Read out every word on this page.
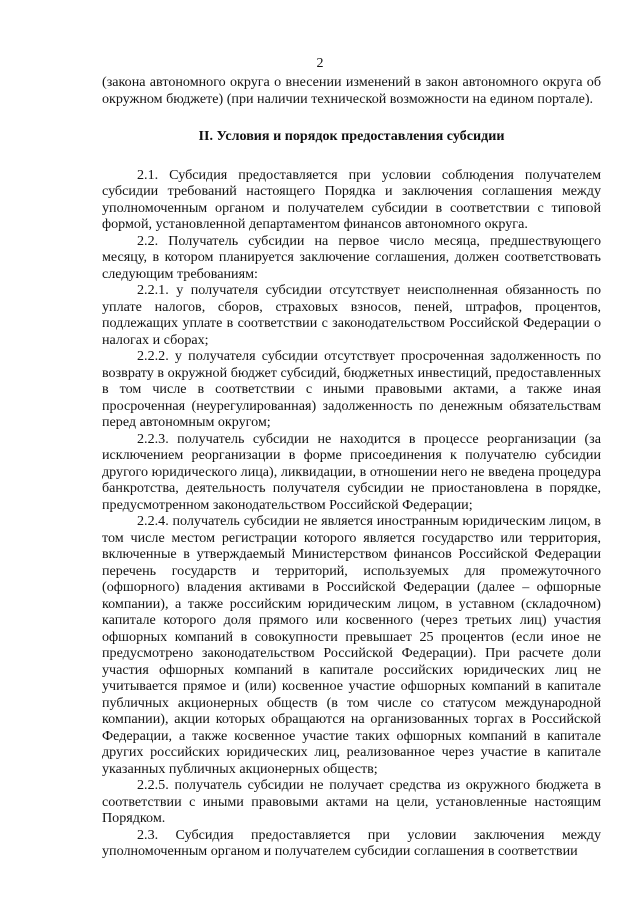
2

(закона автономного округа о внесении изменений в закон автономного округа об окружном бюджете) (при наличии технической возможности на едином портале).

II. Условия и порядок предоставления субсидии

2.1. Субсидия предоставляется при условии соблюдения получателем субсидии требований настоящего Порядка и заключения соглашения между уполномоченным органом и получателем субсидии в соответствии с типовой формой, установленной департаментом финансов автономного округа.

2.2. Получатель субсидии на первое число месяца, предшествующего месяцу, в котором планируется заключение соглашения, должен соответствовать следующим требованиям:

2.2.1. у получателя субсидии отсутствует неисполненная обязанность по уплате налогов, сборов, страховых взносов, пеней, штрафов, процентов, подлежащих уплате в соответствии с законодательством Российской Федерации о налогах и сборах;

2.2.2. у получателя субсидии отсутствует просроченная задолженность по возврату в окружной бюджет субсидий, бюджетных инвестиций, предоставленных в том числе в соответствии с иными правовыми актами, а также иная просроченная (неурегулированная) задолженность по денежным обязательствам перед автономным округом;

2.2.3. получатель субсидии не находится в процессе реорганизации (за исключением реорганизации в форме присоединения к получателю субсидии другого юридического лица), ликвидации, в отношении него не введена процедура банкротства, деятельность получателя субсидии не приостановлена в порядке, предусмотренном законодательством Российской Федерации;

2.2.4. получатель субсидии не является иностранным юридическим лицом, в том числе местом регистрации которого является государство или территория, включенные в утверждаемый Министерством финансов Российской Федерации перечень государств и территорий, используемых для промежуточного (офшорного) владения активами в Российской Федерации (далее – офшорные компании), а также российским юридическим лицом, в уставном (складочном) капитале которого доля прямого или косвенного (через третьих лиц) участия офшорных компаний в совокупности превышает 25 процентов (если иное не предусмотрено законодательством Российской Федерации). При расчете доли участия офшорных компаний в капитале российских юридических лиц не учитывается прямое и (или) косвенное участие офшорных компаний в капитале публичных акционерных обществ (в том числе со статусом международной компании), акции которых обращаются на организованных торгах в Российской Федерации, а также косвенное участие таких офшорных компаний в капитале других российских юридических лиц, реализованное через участие в капитале указанных публичных акционерных обществ;

2.2.5. получатель субсидии не получает средства из окружного бюджета в соответствии с иными правовыми актами на цели, установленные настоящим Порядком.

2.3. Субсидия предоставляется при условии заключения между уполномоченным органом и получателем субсидии соглашения в соответствии
